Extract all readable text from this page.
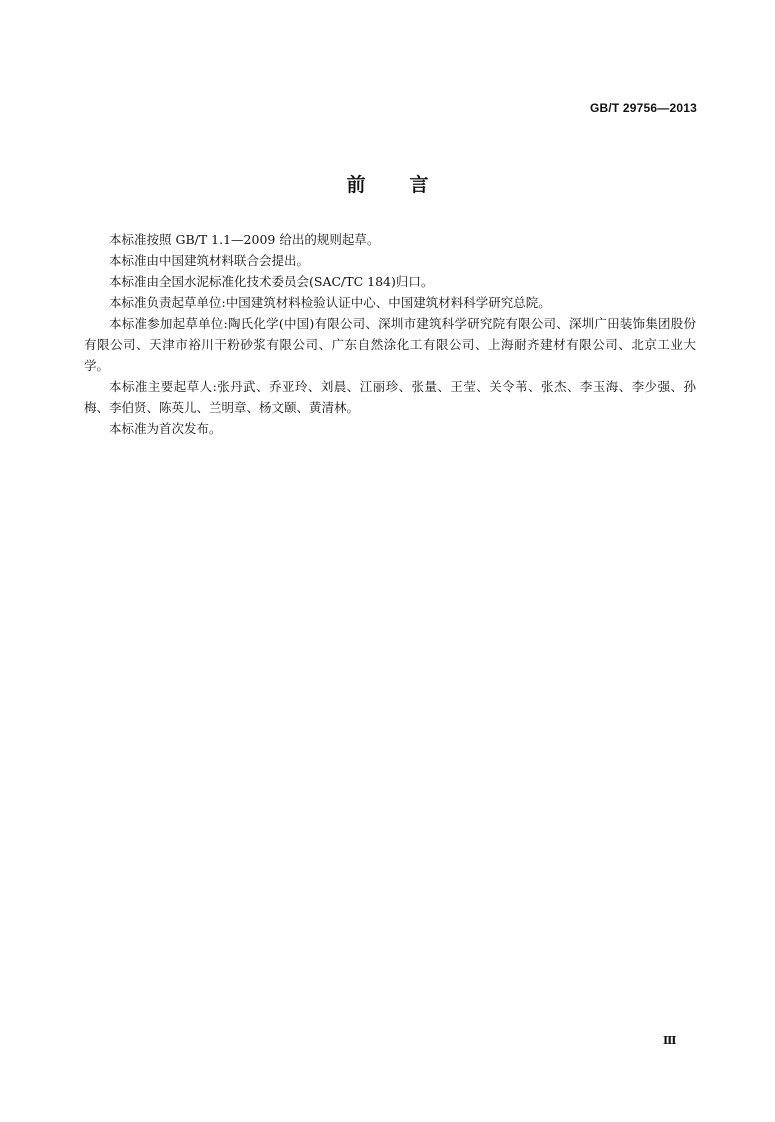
GB/T 29756—2013
前 言

本标准按照 GB/T 1.1—2009 给出的规则起草。

本标准由中国建筑材料联合会提出。

本标准由全国水泥标准化技术委员会(SAC/TC 184)归口。

本标准负责起草单位:中国建筑材料检验认证中心、中国建筑材料科学研究总院。

本标准参加起草单位:陶氏化学(中国)有限公司、深圳市建筑科学研究院有限公司、深圳广田装饰集团股份有限公司、天津市裕川干粉砂浆有限公司、广东自然涂化工有限公司、上海耐齐建材有限公司、北京工业大学。

本标准主要起草人:张丹武、乔亚玲、刘晨、江丽珍、张量、王莹、关令苇、张杰、李玉海、李少强、孙梅、李伯贤、陈英儿、兰明章、杨文颐、黄清林。

本标准为首次发布。

Ⅲ
